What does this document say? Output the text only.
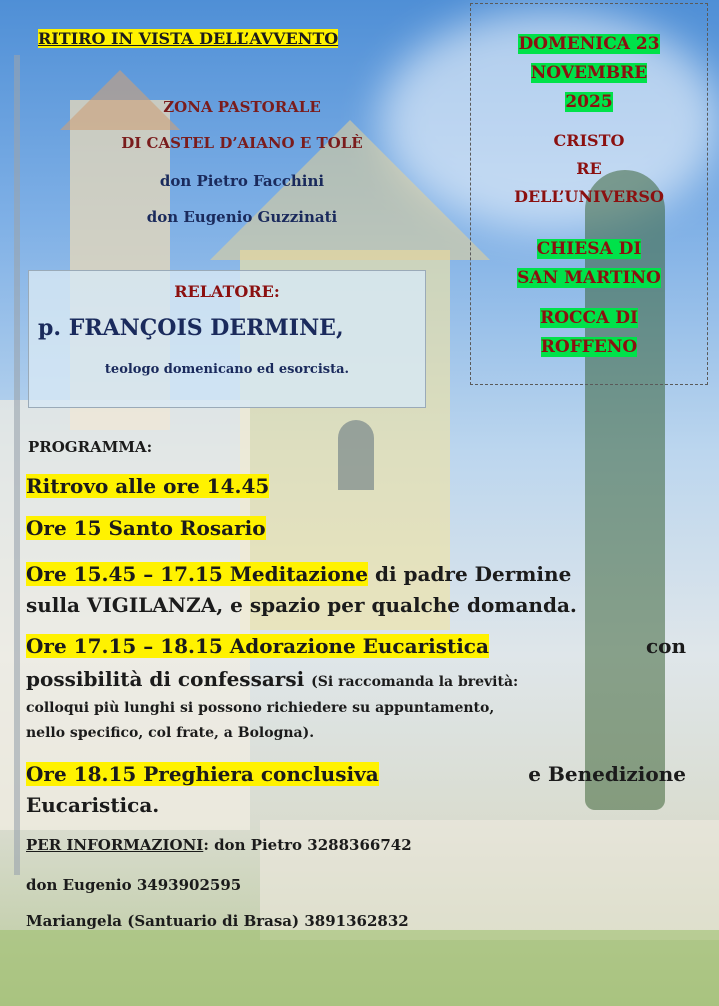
RITIRO IN VISTA DELL’AVVENTO
ZONA PASTORALE
DI CASTEL D’AIANO E TOLÈ
don Pietro Facchini
don Eugenio Guzzinati
RELATORE:
p. FRANÇOIS DERMINE,
teologo domenicano ed esorcista.
DOMENICA 23
NOVEMBRE
2025
CRISTO
RE
DELL’UNIVERSO
CHIESA DI
SAN MARTINO
ROCCA DI
ROFFENO
PROGRAMMA:
Ritrovo alle ore 14.45
Ore 15 Santo Rosario
Ore 15.45 – 17.15 Meditazione di padre Dermine
sulla VIGILANZA, e spazio per qualche domanda.
Ore 17.15 – 18.15 Adorazione Eucaristica	con
possibilità di confessarsi (Si raccomanda la brevità:
colloqui più lunghi si possono richiedere su appuntamento,
nello specifico, col frate, a Bologna).
Ore 18.15 Preghiera conclusiva	e Benedizione
Eucaristica.
PER INFORMAZIONI: don Pietro 3288366742
don Eugenio 3493902595
Mariangela (Santuario di Brasa) 3891362832
